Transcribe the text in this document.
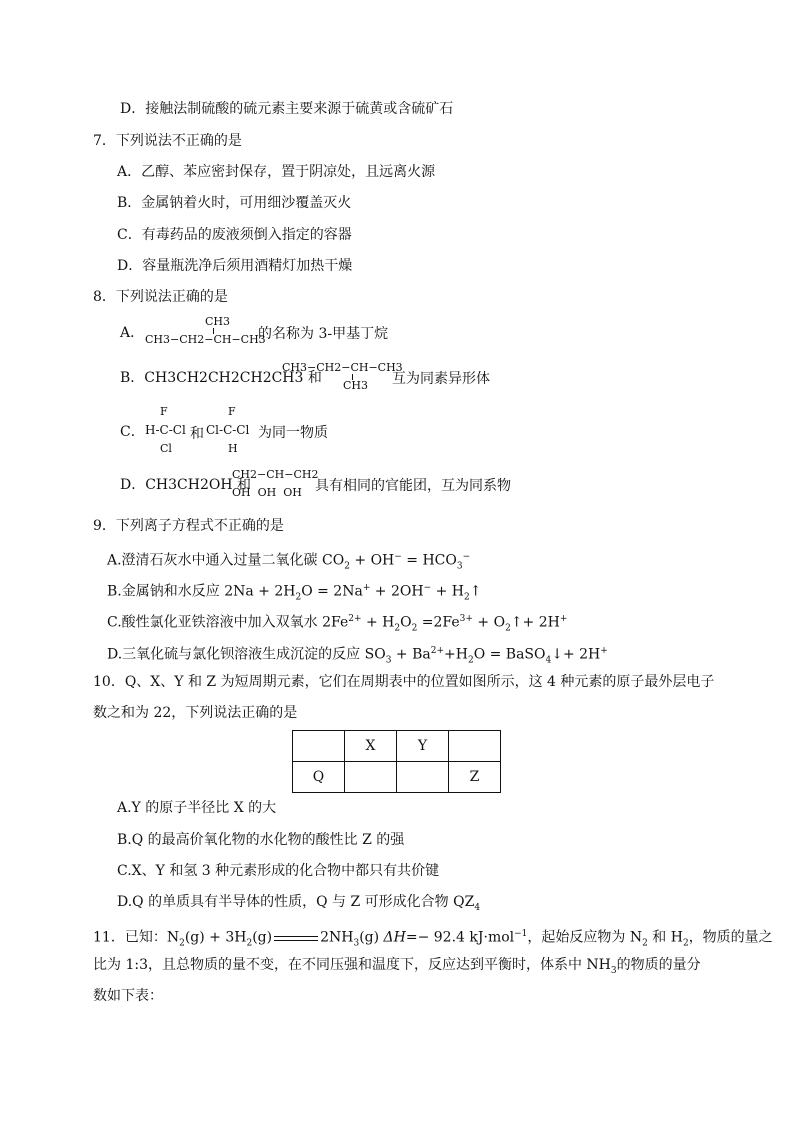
D．接触法制硫酸的硫元素主要来源于硫黄或含硫矿石
7．下列说法不正确的是
A．乙醇、苯应密封保存，置于阴凉处，且远离火源
B．金属钠着火时，可用细沙覆盖灭火
C．有毒药品的废液须倒入指定的容器
D．容量瓶洗净后须用酒精灯加热干燥
8．下列说法正确的是
A．
CH3
CH3−CH2−CH−CH3
的名称为 3-甲基丁烷
B．CH3CH2CH2CH2CH3 和
CH3−CH2−CH−CH3
CH3 互为同素异形体
C．
F
H-C-Cl 和
Cl
F
Cl-C-Cl
H
为同一物质
D．CH3CH2OH 和
CH2−CH−CH2
OH  OH  OH 具有相同的官能团，互为同系物
9．下列离子方程式不正确的是
A.澄清石灰水中通入过量二氧化碳 $CO_2 + OH^- = HCO_3^-$
B.金属钠和水反应 $2Na + 2H_2O = 2Na^+ + 2OH^-$ + $H_2↑$
C.酸性氯化亚铁溶液中加入双氧水 $2Fe^{2+} + H_2O_2 =2Fe^{3+}$ + $O_2↑+ 2H^+$
D.三氧化硫与氯化钡溶液生成沉淀的反应 $SO_3 + Ba^{2+}+H_2O$ = BaSO$_4$↓+ 2H+
10．Q、X、Y 和 Z 为短周期元素，它们在周期表中的位置如图所示，这 4 种元素的原子最外层电子
数之和为 22，下列说法正确的是
	X	Y	
Q			Z
A.Y 的原子半径比 X 的大
B.Q 的最高价氧化物的水化物的酸性比 Z 的强
C.X、Y 和氢 3 种元素形成的化合物中都只有共价键
D.Q 的单质具有半导体的性质，Q 与 Z 可形成化合物 $QZ_4$
11．已知：$N_2(g) + 3H_2(g)$	$2NH_3(g)$ ΔH=− 92.4 kJ·mol$^{-1}$，起始反应物为 $N_2$ 和 $H_2$，物质的量之
比为 1:3，且总物质的量不变，在不同压强和温度下，反应达到平衡时，体系中 $NH_3$的物质的量分
数如下表：
